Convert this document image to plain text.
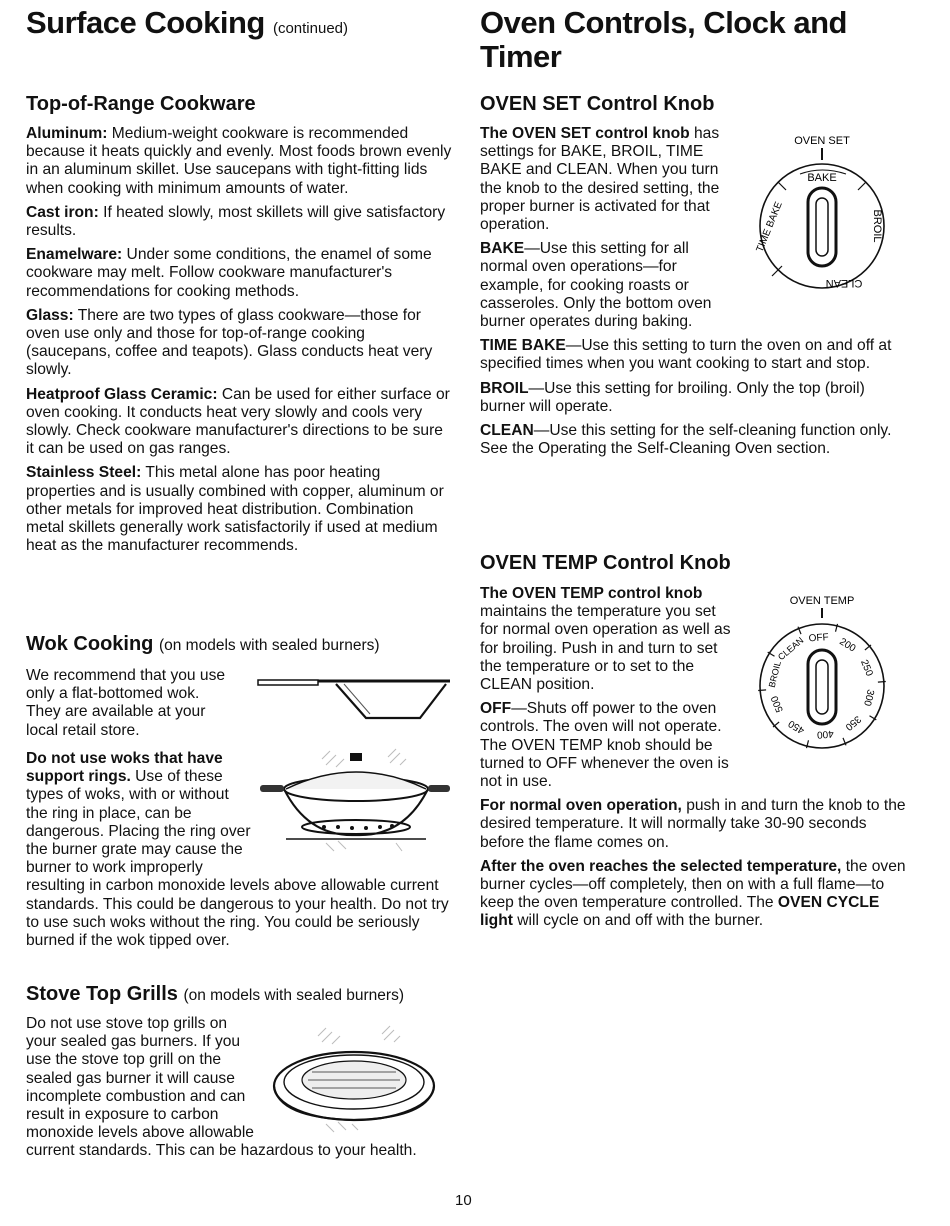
Surface Cooking (continued)
Top-of-Range Cookware

Aluminum: Medium-weight cookware is recommended because it heats quickly and evenly. Most foods brown evenly in an aluminum skillet. Use saucepans with tight-fitting lids when cooking with minimum amounts of water.

Cast iron: If heated slowly, most skillets will give satisfactory results.

Enamelware: Under some conditions, the enamel of some cookware may melt. Follow cookware manufacturer's recommendations for cooking methods.

Glass: There are two types of glass cookware—those for oven use only and those for top-of-range cooking (saucepans, coffee and teapots). Glass conducts heat very slowly.

Heatproof Glass Ceramic: Can be used for either surface or oven cooking. It conducts heat very slowly and cools very slowly. Check cookware manufacturer's directions to be sure it can be used on gas ranges.

Stainless Steel: This metal alone has poor heating properties and is usually combined with copper, aluminum or other metals for improved heat distribution. Combination metal skillets generally work satisfactorily if used at medium heat as the manufacturer recommends.

Wok Cooking (on models with sealed burners)

We recommend that you use only a flat-bottomed wok. They are available at your local retail store.

Do not use woks that have support rings. Use of these types of woks, with or without the ring in place, can be dangerous. Placing the ring over the burner grate may cause the burner to work improperly resulting in carbon monoxide levels above allowable current standards. This could be dangerous to your health. Do not try to use such woks without the ring. You could be seriously burned if the wok tipped over.

Stove Top Grills (on models with sealed burners)

Do not use stove top grills on your sealed gas burners. If you use the stove top grill on the sealed gas burner it will cause incomplete combustion and can result in exposure to carbon monoxide levels above allowable current standards. This can be hazardous to your health.

Oven Controls, Clock and Timer
OVEN SET Control Knob

The OVEN SET control knob has settings for BAKE, BROIL, TIME BAKE and CLEAN. When you turn the knob to the desired setting, the proper burner is activated for that operation.

BAKE—Use this setting for all normal oven operations—for example, for cooking roasts or casseroles. Only the bottom oven burner operates during baking.

TIME BAKE—Use this setting to turn the oven on and off at specified times when you want cooking to start and stop.

BROIL—Use this setting for broiling. Only the top (broil) burner will operate.

CLEAN—Use this setting for the self-cleaning function only. See the Operating the Self-Cleaning Oven section.

OVEN SET
BAKE
BROIL
TIME BAKE
CLEAN
OVEN TEMP Control Knob

The OVEN TEMP control knob maintains the temperature you set for normal oven operation as well as for broiling. Push in and turn to set the temperature or to set to the CLEAN position.

OFF—Shuts off power to the oven controls. The oven will not operate. The OVEN TEMP knob should be turned to OFF whenever the oven is not in use.

For normal oven operation, push in and turn the knob to the desired temperature. It will normally take 30-90 seconds before the flame comes on.

After the oven reaches the selected temperature, the oven burner cycles—off completely, then on with a full flame—to keep the oven temperature controlled. The OVEN CYCLE light will cycle on and off with the burner.

OVEN TEMP
CLEAN OFF 200
250
300
350
400
450
500
BROIL
10
